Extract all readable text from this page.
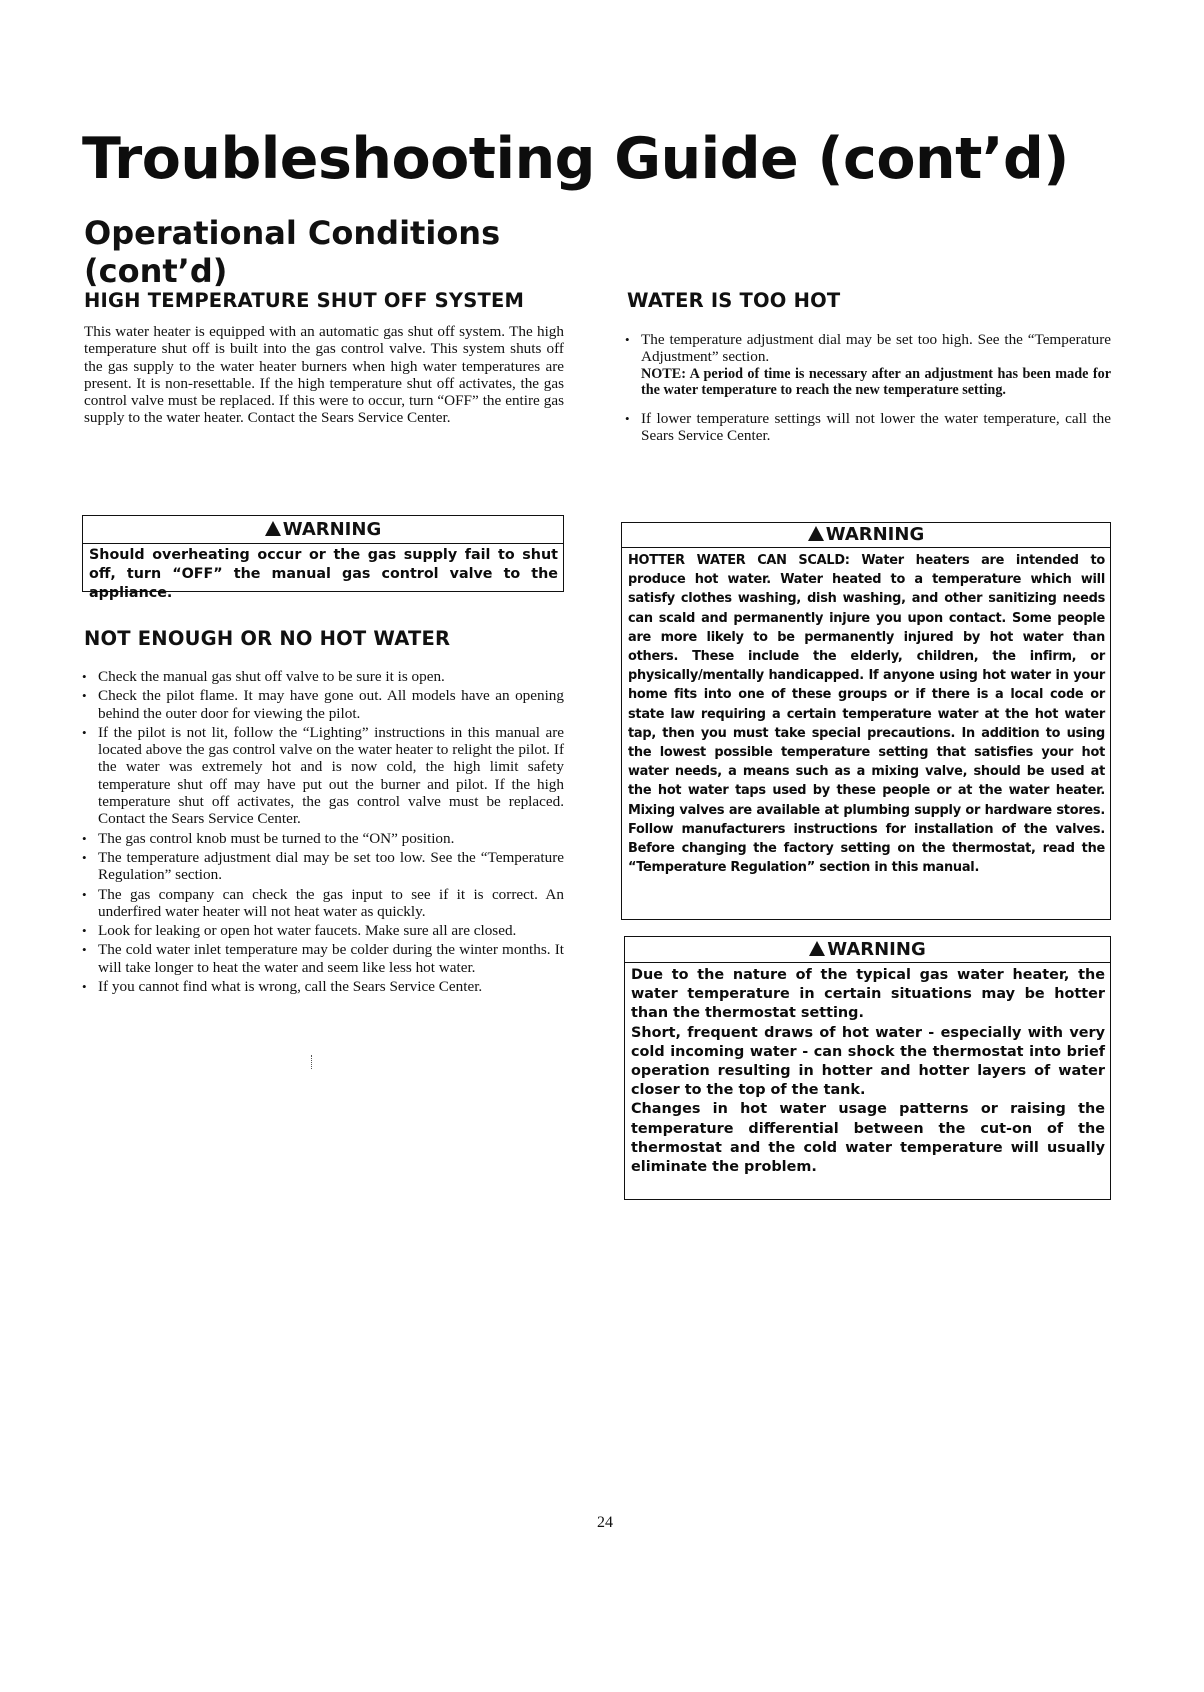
Troubleshooting Guide (cont’d)
Operational Conditions
(cont’d)
HIGH TEMPERATURE SHUT OFF SYSTEM

This water heater is equipped with an automatic gas shut off system. The high temperature shut off is built into the gas control valve. This system shuts off the gas supply to the water heater burners when high water temperatures are present. It is non-resettable. If the high temperature shut off activates, the gas control valve must be replaced. If this were to occur, turn “OFF” the entire gas supply to the water heater. Contact the Sears Service Center.

WARNING
Should overheating occur or the gas supply fail to shut off, turn “OFF” the manual gas control valve to the appliance.
NOT ENOUGH OR NO HOT WATER
• Check the manual gas shut off valve to be sure it is open.
• Check the pilot flame. It may have gone out. All models have an opening behind the outer door for viewing the pilot.
• If the pilot is not lit, follow the “Lighting” instructions in this manual are located above the gas control valve on the water heater to relight the pilot. If the water was extremely hot and is now cold, the high limit safety temperature shut off may have put out the burner and pilot. If the high temperature shut off activates, the gas control valve must be replaced. Contact the Sears Service Center.
• The gas control knob must be turned to the “ON” position.
• The temperature adjustment dial may be set too low. See the “Temperature Regulation” section.
• The gas company can check the gas input to see if it is correct. An underfired water heater will not heat water as quickly.
• Look for leaking or open hot water faucets. Make sure all are closed.
• The cold water inlet temperature may be colder during the winter months. It will take longer to heat the water and seem like less hot water.
• If you cannot find what is wrong, call the Sears Service Center.
WATER IS TOO HOT
• The temperature adjustment dial may be set too high. See the “Temperature Adjustment” section.
NOTE: A period of time is necessary after an adjustment has been made for the water temperature to reach the new temperature setting.
• If lower temperature settings will not lower the water temperature, call the Sears Service Center.
WARNING
HOTTER WATER CAN SCALD: Water heaters are intended to produce hot water. Water heated to a temperature which will satisfy clothes washing, dish washing, and other sanitizing needs can scald and permanently injure you upon contact. Some people are more likely to be permanently injured by hot water than others. These include the elderly, children, the infirm, or physically/mentally handicapped. If anyone using hot water in your home fits into one of these groups or if there is a local code or state law requiring a certain temperature water at the hot water tap, then you must take special precautions. In addition to using the lowest possible temperature setting that satisfies your hot water needs, a means such as a mixing valve, should be used at the hot water taps used by these people or at the water heater. Mixing valves are available at plumbing supply or hardware stores. Follow manufacturers instructions for installation of the valves. Before changing the factory setting on the thermostat, read the “Temperature Regulation” section in this manual.
WARNING
Due to the nature of the typical gas water heater, the water temperature in certain situations may be hotter than the thermostat setting.
Short, frequent draws of hot water - especially with very cold incoming water - can shock the thermostat into brief operation resulting in hotter and hotter layers of water closer to the top of the tank.
Changes in hot water usage patterns or raising the temperature differential between the cut-on of the thermostat and the cold water temperature will usually eliminate the problem.
24
